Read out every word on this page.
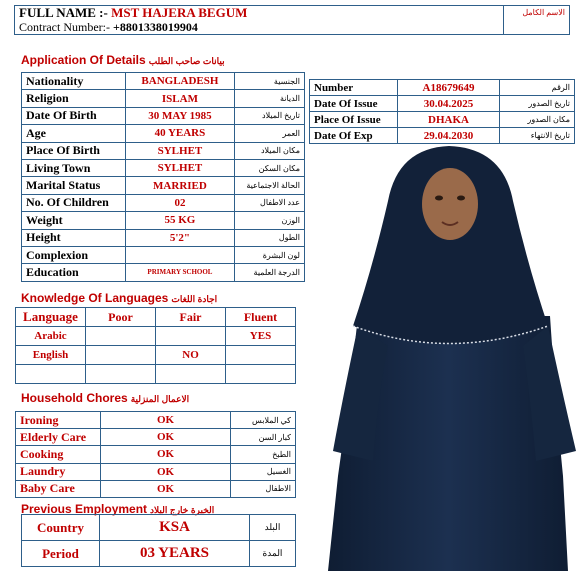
FULL NAME :- MST HAJERA BEGUM
Contract Number:- +8801338019904
	الاسم الكامل
Application Of Details بيانات صاحب الطلب
Nationality	BANGLADESH	الجنسية
Religion	ISLAM	الديانة
Date Of Birth	30 MAY 1985	تاريخ الميلاد
Age	40 YEARS	العمر
Place Of Birth	SYLHET	مكان الميلاد
Living Town	SYLHET	مكان السكن
Marital Status	MARRIED	الحالة الاجتماعية
No. Of Children	02	عدد الاطفال
Weight	55 KG	الوزن
Height	5'2"	الطول
Complexion		لون البشرة
Education	PRIMARY SCHOOL	الدرجة العلمية
Number	A18679649	الرقم
Date Of Issue	30.04.2025	تاريخ الصدور
Place Of Issue	DHAKA	مكان الصدور
Date Of Exp	29.04.2030	تاريخ الانتهاء
Knowledge Of Languages اجادة اللغات
Language	Poor	Fair	Fluent
Arabic			YES
English		NO	

Household Chores الاعمال المنزلية
Ironing	OK	كي الملابس
Elderly Care	OK	كبار السن
Cooking	OK	الطبخ
Laundry	OK	الغسيل
Baby Care	OK	الاطفال
Previous Employment الخبرة خارج البلاد
Country	KSA	البلد
Period	03 YEARS	المدة
